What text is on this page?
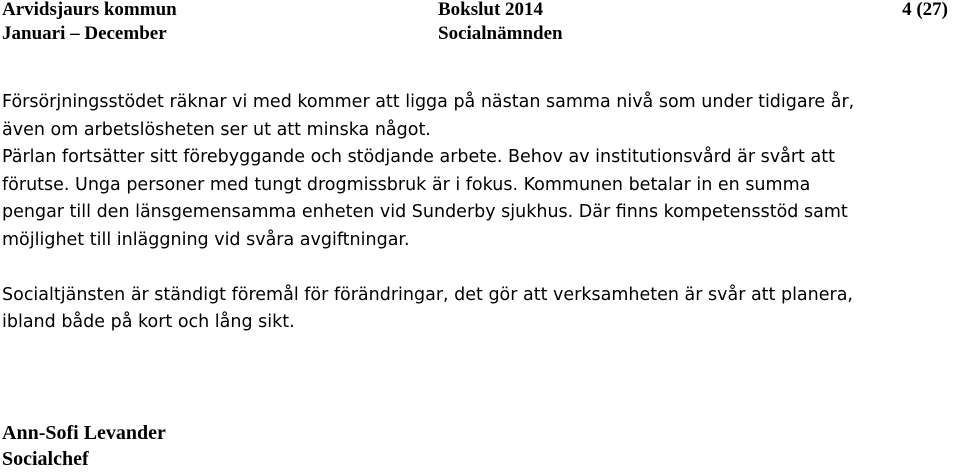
Arvidsjaurs kommun
Januari – December
Bokslut 2014
Socialnämnden
4 (27)

Försörjningsstödet räknar vi med kommer att ligga på nästan samma nivå som under tidigare år,
även om arbetslösheten ser ut att minska något.

Pärlan fortsätter sitt förebyggande och stödjande arbete. Behov av institutionsvård är svårt att
förutse. Unga personer med tungt drogmissbruk är i fokus. Kommunen betalar in en summa
pengar till den länsgemensamma enheten vid Sunderby sjukhus. Där finns kompetensstöd samt
möjlighet till inläggning vid svåra avgiftningar.

Socialtjänsten är ständigt föremål för förändringar, det gör att verksamheten är svår att planera,
ibland både på kort och lång sikt.

Ann-Sofi Levander
Socialchef
